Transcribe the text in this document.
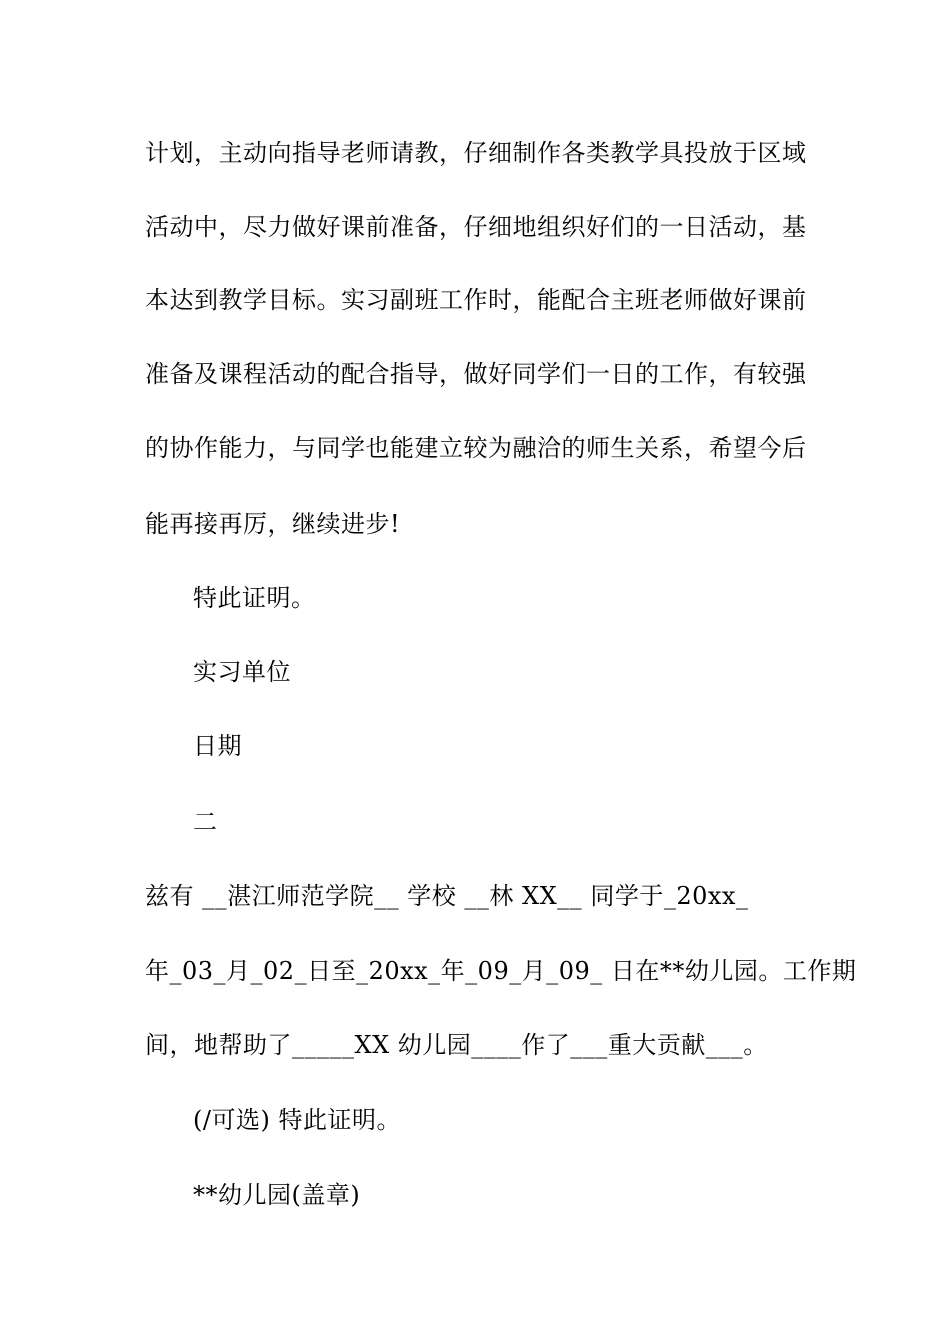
计划，主动向指导老师请教，仔细制作各类教学具投放于区域
活动中，尽力做好课前准备，仔细地组织好们的一日活动，基
本达到教学目标。实习副班工作时，能配合主班老师做好课前
准备及课程活动的配合指导，做好同学们一日的工作，有较强
的协作能力，与同学也能建立较为融洽的师生关系，希望今后
能再接再厉，继续进步!
特此证明。
实习单位
日期
二
兹有 __湛江师范学院__ 学校 __林 XX__ 同学于_20xx_
年_03_月_02_日至_20xx_年_09_月_09_ 日在**幼儿园。工作期
间，地帮助了_____XX 幼儿园____作了___重大贡献___。
(/可选) 特此证明。
**幼儿园(盖章)
